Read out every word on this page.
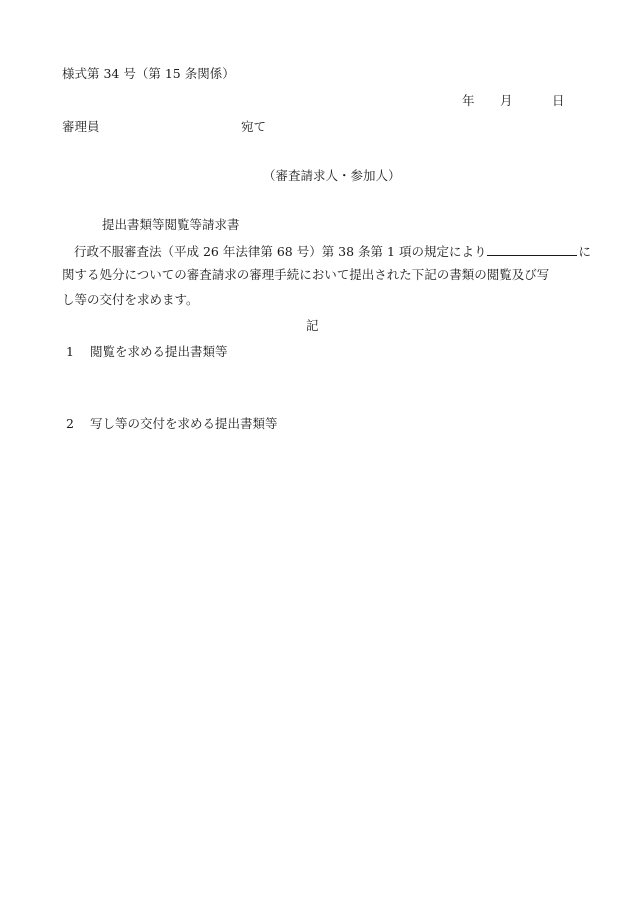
様式第 34 号（第 15 条関係）
年 月	日
審理員	宛て
（審査請求人・参加人）
提出書類等閲覧等請求書
行政不服審査法（平成 26 年法律第 68 号）第 38 条第 1 項の規定により	に
関する処分についての審査請求の審理手続において提出された下記の書類の閲覧及び写
し等の交付を求めます。
記
1 閲覧を求める提出書類等
2 写し等の交付を求める提出書類等
